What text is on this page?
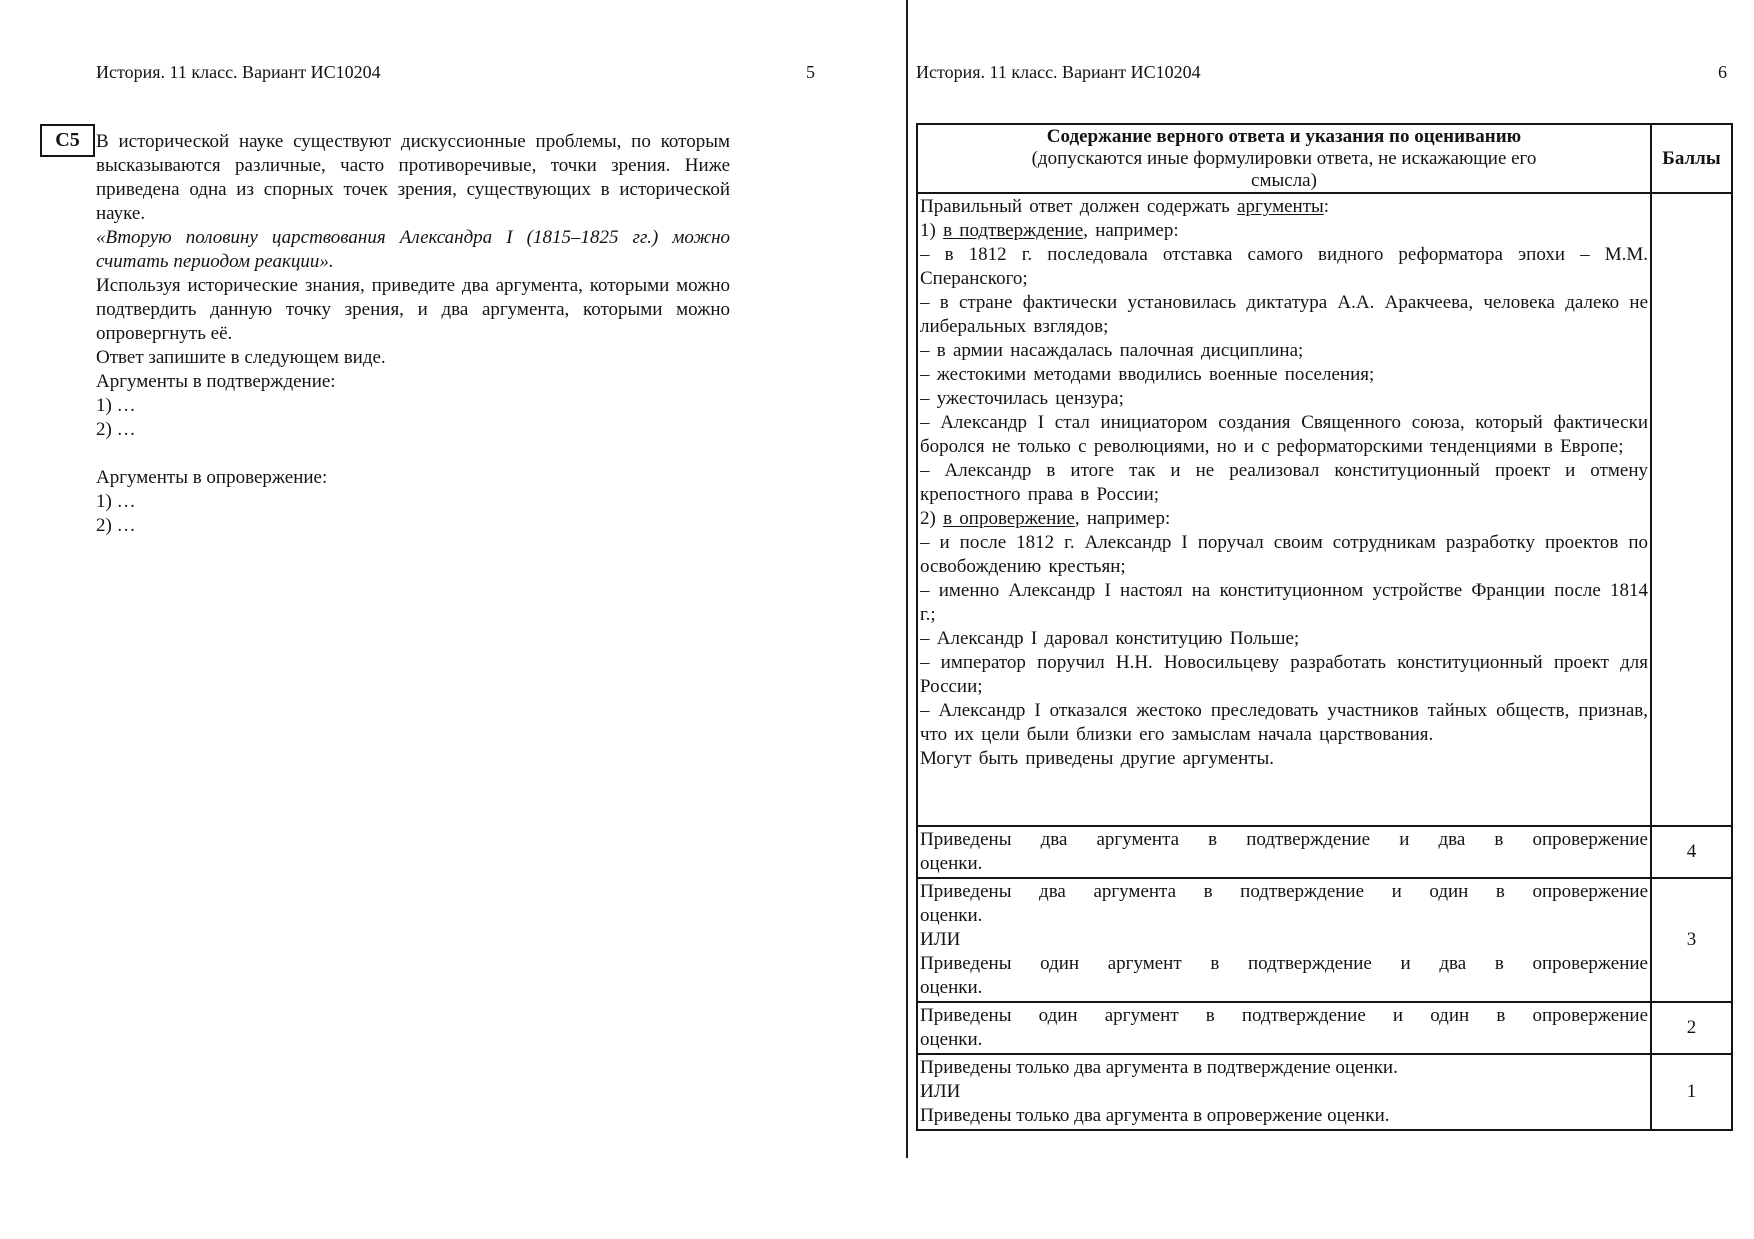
История. 11 класс. Вариант ИС10204	5
С5 В исторической науке существуют дискуссионные проблемы, по которым высказываются различные, часто противоречивые, точки зрения. Ниже приведена одна из спорных точек зрения, существующих в исторической науке.
«Вторую половину царствования Александра I (1815–1825 гг.) можно считать периодом реакции».
Используя исторические знания, приведите два аргумента, которыми можно подтвердить данную точку зрения, и два аргумента, которыми можно опровергнуть её.
Ответ запишите в следующем виде.
Аргументы в подтверждение:
1) …
2) …
Аргументы в опровержение:
1) …
2) …
История. 11 класс. Вариант ИС10204	6
Содержание верного ответа и указания по оцениванию
(допускаются иные формулировки ответа, не искажающие его смысла)
Баллы
Правильный ответ должен содержать аргументы:
1) в подтверждение, например:
– в 1812 г. последовала отставка самого видного реформатора эпохи – М.М. Сперанского;
– в стране фактически установилась диктатура А.А. Аракчеева, человека далеко не либеральных взглядов;
– в армии насаждалась палочная дисциплина;
– жестокими методами вводились военные поселения;
– ужесточилась цензура;
– Александр I стал инициатором создания Священного союза, который фактически боролся не только с революциями, но и с реформаторскими тенденциями в Европе;
– Александр в итоге так и не реализовал конституционный проект и отмену крепостного права в России;
2) в опровержение, например:
– и после 1812 г. Александр I поручал своим сотрудникам разработку проектов по освобождению крестьян;
– именно Александр I настоял на конституционном устройстве Франции после 1814 г.;
– Александр I даровал конституцию Польше;
– император поручил Н.Н. Новосильцеву разработать конституционный проект для России;
– Александр I отказался жестоко преследовать участников тайных обществ, признав, что их цели были близки его замыслам начала царствования.
Могут быть приведены другие аргументы.
Приведены два аргумента в подтверждение и два в опровержение
оценки.
4
Приведены два аргумента в подтверждение и один в опровержение
оценки.
ИЛИ
Приведены один аргумент в подтверждение и два в опровержение
оценки.
3
Приведены один аргумент в подтверждение и один в опровержение
оценки.
2
Приведены только два аргумента в подтверждение оценки.
ИЛИ
Приведены только два аргумента в опровержение оценки.
1
